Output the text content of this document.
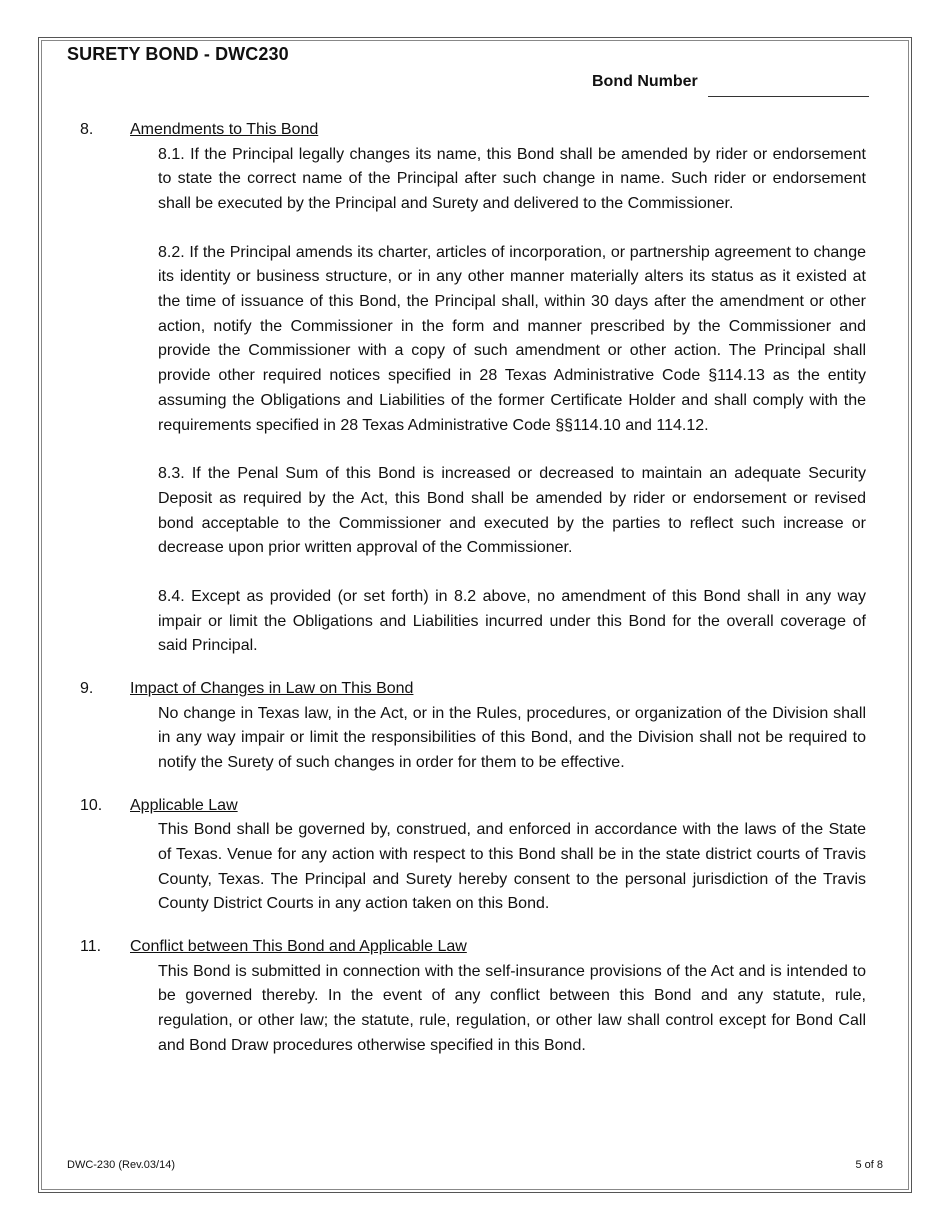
SURETY BOND - DWC230
Bond Number
8.	Amendments to This Bond

8.1. If the Principal legally changes its name, this Bond shall be amended by rider or endorsement to state the correct name of the Principal after such change in name. Such rider or endorsement shall be executed by the Principal and Surety and delivered to the Commissioner.

8.2. If the Principal amends its charter, articles of incorporation, or partnership agreement to change its identity or business structure, or in any other manner materially alters its status as it existed at the time of issuance of this Bond, the Principal shall, within 30 days after the amendment or other action, notify the Commissioner in the form and manner prescribed by the Commissioner and provide the Commissioner with a copy of such amendment or other action. The Principal shall provide other required notices specified in 28 Texas Administrative Code §114.13 as the entity assuming the Obligations and Liabilities of the former Certificate Holder and shall comply with the requirements specified in 28 Texas Administrative Code §§114.10 and 114.12.

8.3. If the Penal Sum of this Bond is increased or decreased to maintain an adequate Security Deposit as required by the Act, this Bond shall be amended by rider or endorsement or revised bond acceptable to the Commissioner and executed by the parties to reflect such increase or decrease upon prior written approval of the Commissioner.

8.4. Except as provided (or set forth) in 8.2 above, no amendment of this Bond shall in any way impair or limit the Obligations and Liabilities incurred under this Bond for the overall coverage of said Principal.

9.	Impact of Changes in Law on This Bond

No change in Texas law, in the Act, or in the Rules, procedures, or organization of the Division shall in any way impair or limit the responsibilities of this Bond, and the Division shall not be required to notify the Surety of such changes in order for them to be effective.

10.	Applicable Law

This Bond shall be governed by, construed, and enforced in accordance with the laws of the State of Texas. Venue for any action with respect to this Bond shall be in the state district courts of Travis County, Texas. The Principal and Surety hereby consent to the personal jurisdiction of the Travis County District Courts in any action taken on this Bond.

11.	Conflict between This Bond and Applicable Law

This Bond is submitted in connection with the self-insurance provisions of the Act and is intended to be governed thereby. In the event of any conflict between this Bond and any statute, rule, regulation, or other law; the statute, rule, regulation, or other law shall control except for Bond Call and Bond Draw procedures otherwise specified in this Bond.

DWC-230 (Rev.03/14)	5 of 8
